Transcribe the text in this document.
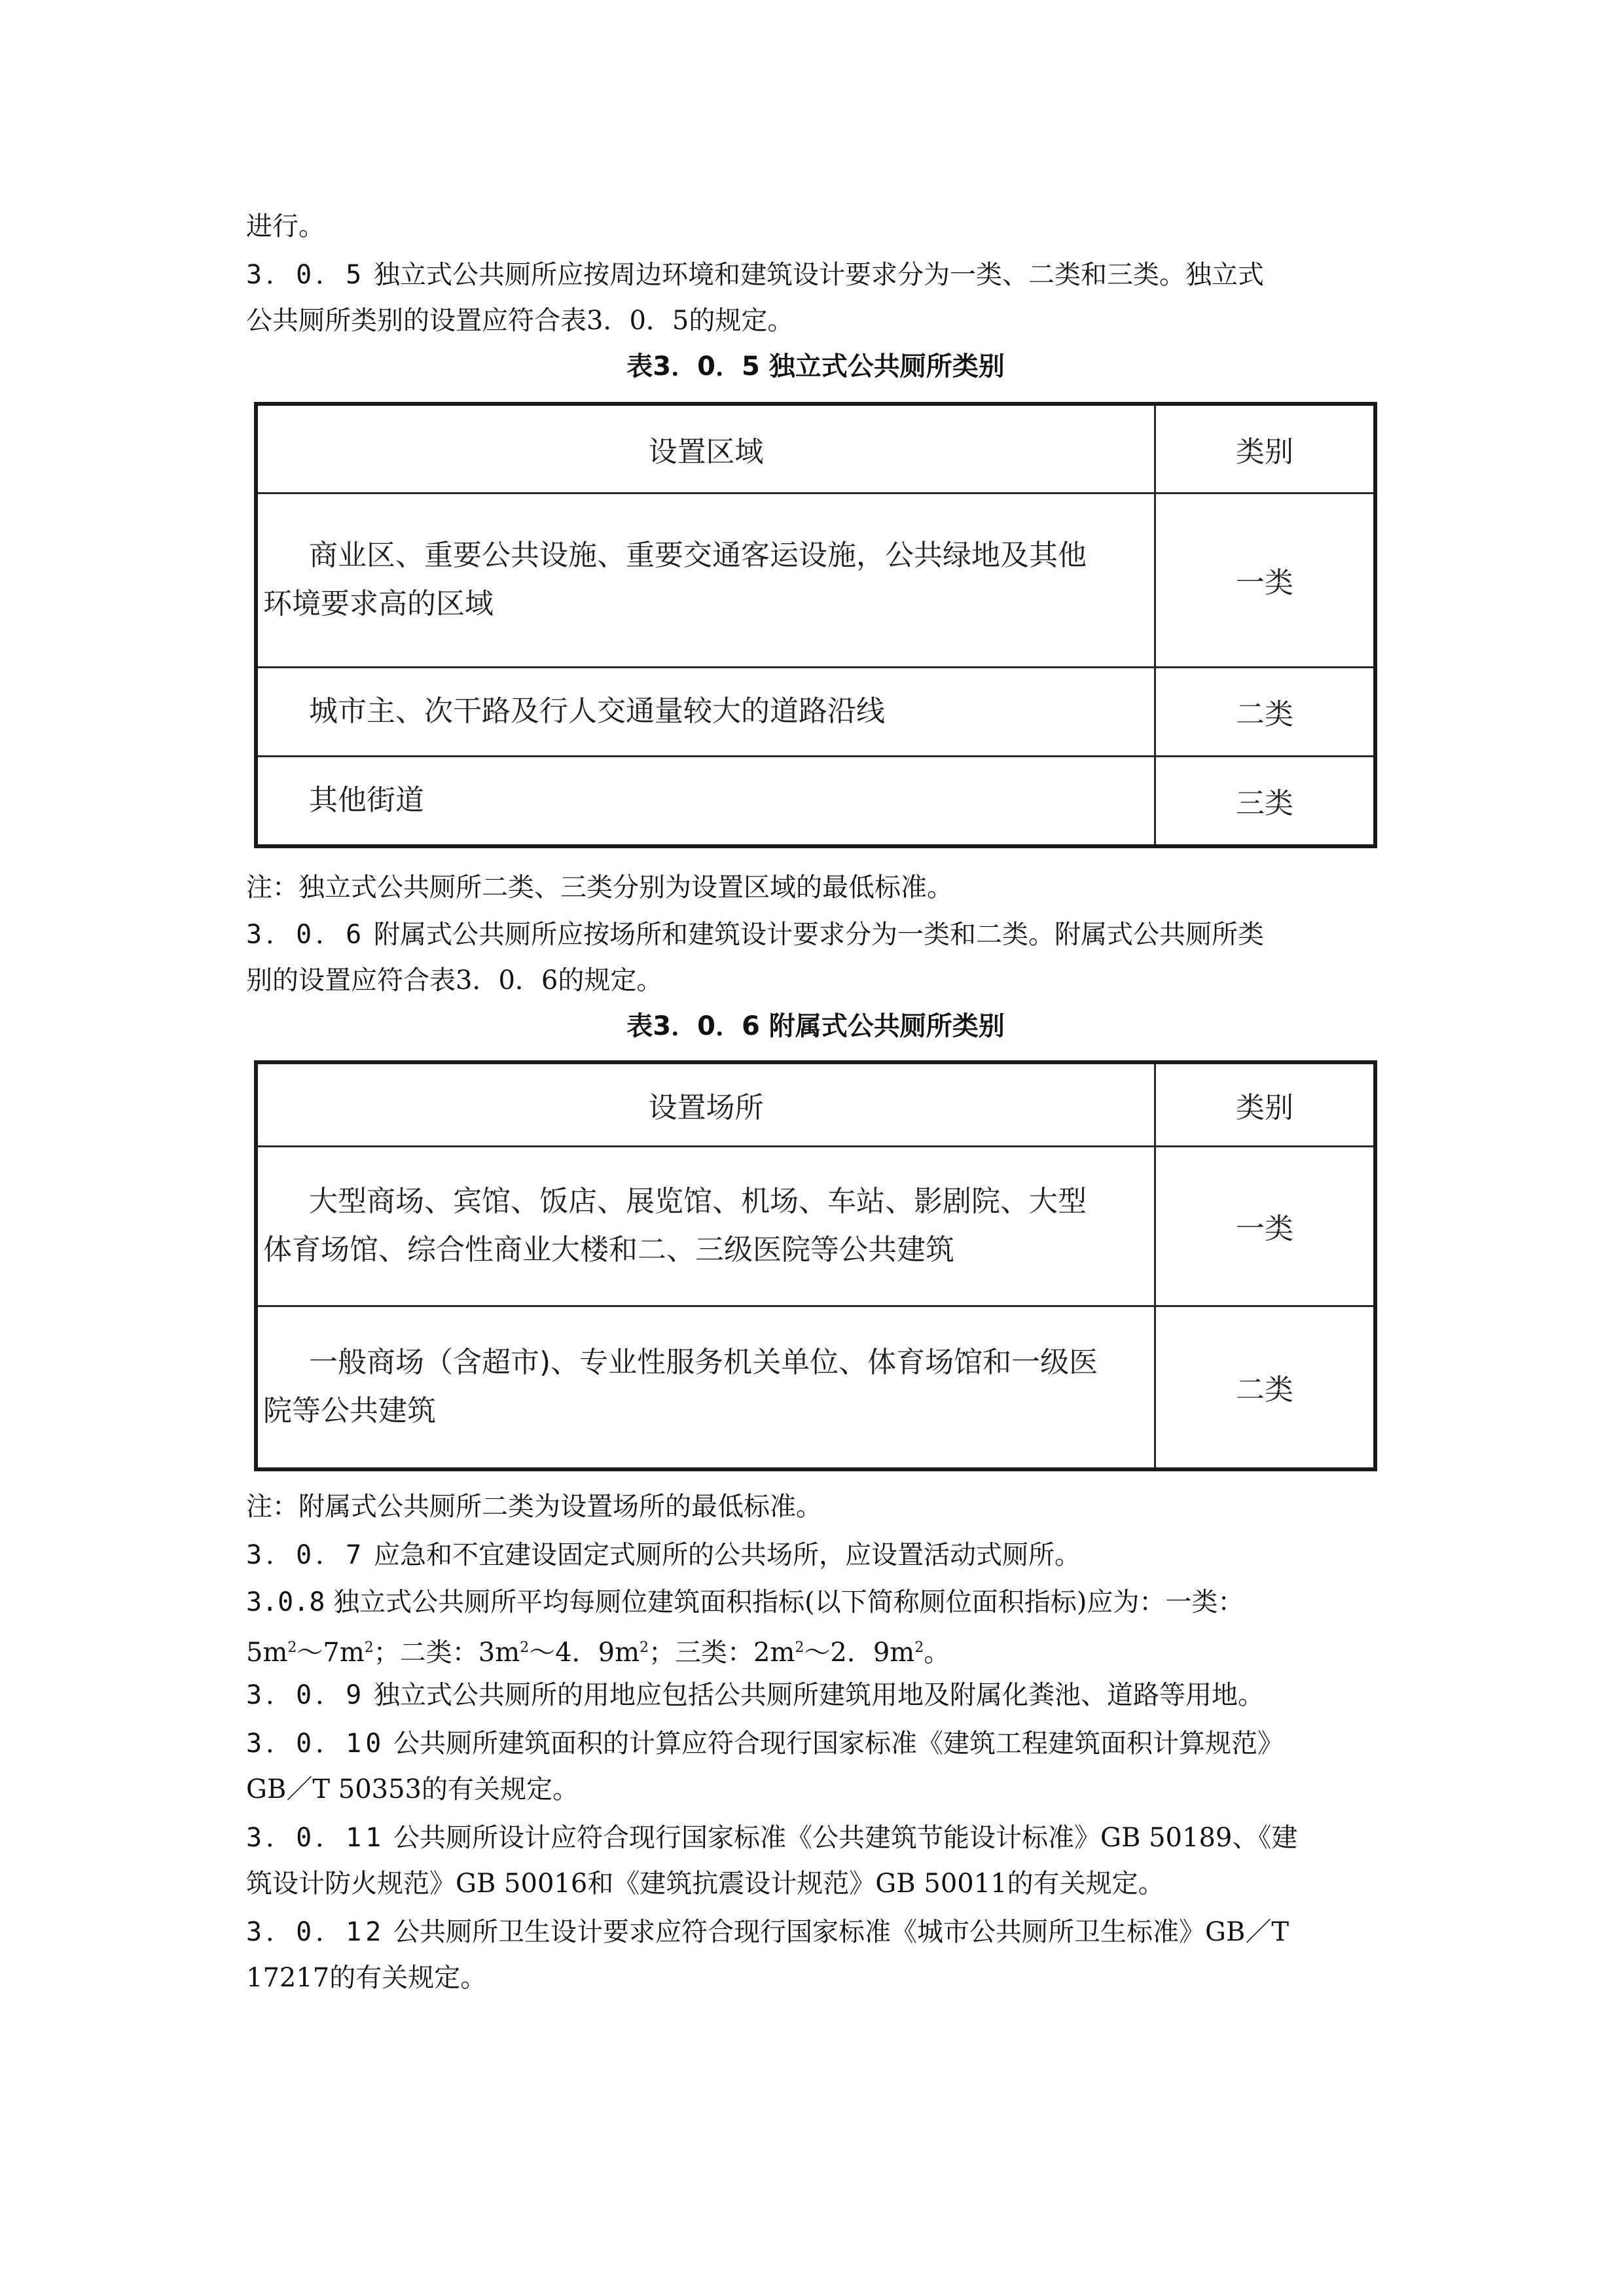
进行。
3．0．5 独立式公共厕所应按周边环境和建筑设计要求分为一类、二类和三类。独立式
公共厕所类别的设置应符合表3．0．5的规定。
表3．0．5 独立式公共厕所类别
设置区域	类别

商业区、重要公共设施、重要交通客运设施，公共绿地及其他
环境要求高的区域	一类

城市主、次干路及行人交通量较大的道路沿线	二类

其他街道	三类
注：独立式公共厕所二类、三类分别为设置区域的最低标准。
3．0．6 附属式公共厕所应按场所和建筑设计要求分为一类和二类。附属式公共厕所类
别的设置应符合表3．0．6的规定。
表3．0．6 附属式公共厕所类别
设置场所	类别

大型商场、宾馆、饭店、展览馆、机场、车站、影剧院、大型
体育场馆、综合性商业大楼和二、三级医院等公共建筑	一类

一般商场（含超市)、专业性服务机关单位、体育场馆和一级医
院等公共建筑	二类
注：附属式公共厕所二类为设置场所的最低标准。
3．0．7 应急和不宜建设固定式厕所的公共场所，应设置活动式厕所。
3.0.8 独立式公共厕所平均每厕位建筑面积指标(以下简称厕位面积指标)应为：一类：
$5m^2\sim 7m^2$；二类：$3m^2\sim 4$．$9m^2$；三类：$2m^2\sim 2$．$9m^2$。
3．0．9 独立式公共厕所的用地应包括公共厕所建筑用地及附属化粪池、道路等用地。
3．0．10 公共厕所建筑面积的计算应符合现行国家标准《建筑工程建筑面积计算规范》
GB／T 50353的有关规定。
3．0．11 公共厕所设计应符合现行国家标准《公共建筑节能设计标准》GB 50189、《建
筑设计防火规范》GB 50016和《建筑抗震设计规范》GB 50011的有关规定。
3．0．12 公共厕所卫生设计要求应符合现行国家标准《城市公共厕所卫生标准》GB／T
17217的有关规定。
